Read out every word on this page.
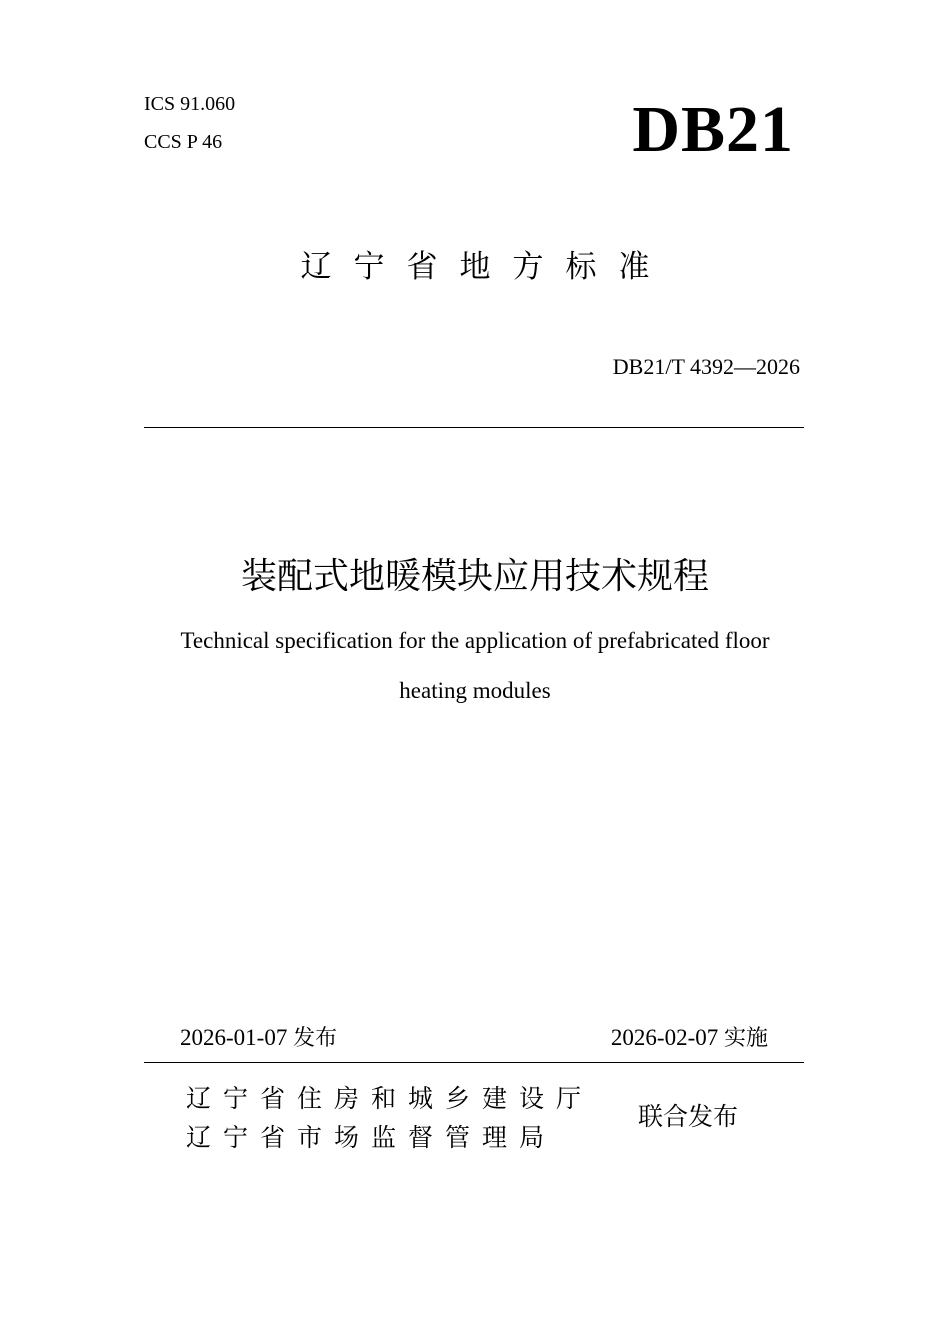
ICS 91.060
CCS P 46	DB21
辽宁省地方标准
DB21/T 4392—2026
装配式地暖模块应用技术规程
Technical specification for the application of prefabricated floor
heating modules
2026-01-07 发布	2026-02-07 实施
辽宁省住房和城乡建设厅
辽宁省市场监督管理局
联合发布
